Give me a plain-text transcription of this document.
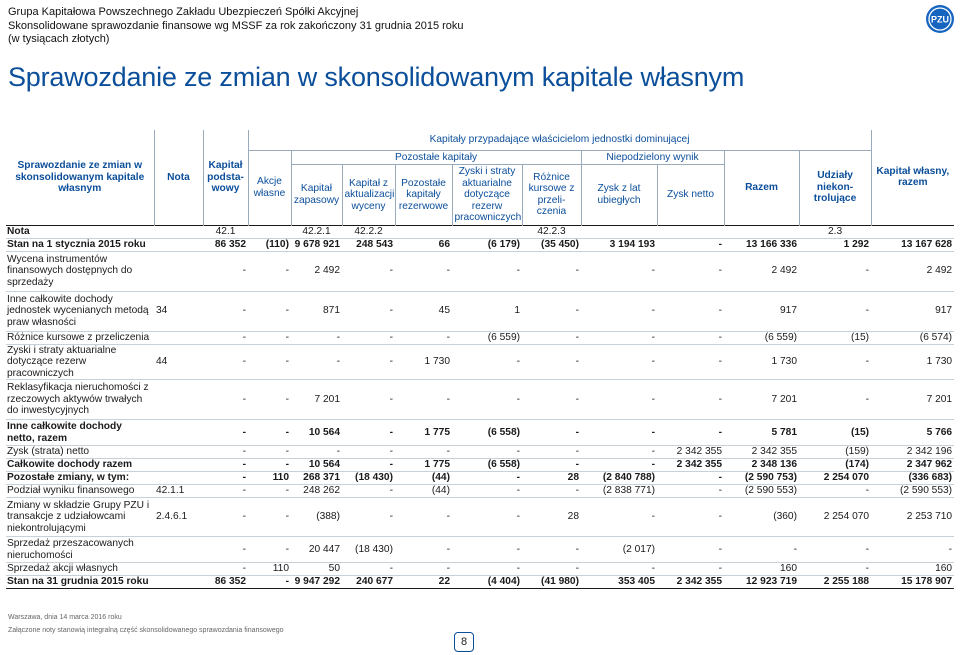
Grupa Kapitałowa Powszechnego Zakładu Ubezpieczeń Spółki Akcyjnej
Skonsolidowane sprawozdanie finansowe wg MSSF za rok zakończony 31 grudnia 2015 roku
(w tysiącach złotych)
PZU
Sprawozdanie ze zmian w skonsolidowanym kapitale własnym
Sprawozdanie ze zmian w skonsolidowanym kapitale własnym	Nota	Kapitał podsta-wowy	Kapitały przypadające właścicielom jednostki dominującej										Kapitał własny, razem
			Akcje własne	Pozostałe kapitały					Niepodzielony wynik		Razem	Udziały niekon-trolujące	
				Kapitał zapasowy	Kapitał z aktualizacji wyceny	Pozostałe kapitały rezerwowe	Zyski i straty aktuarialne dotyczące rezerw pracowniczych	Różnice kursowe z przeli-czenia	Zysk z lat ubiegłych	Zysk netto			
Nota		42.1		42.2.1	42.2.2			42.2.3				2.3	
Stan na 1 stycznia 2015 roku		86 352	(110)	9 678 921	248 543	66	(6 179)	(35 450)	3 194 193	-	13 166 336	1 292	13 167 628
Wycena instrumentów finansowych dostępnych do sprzedaży		-	-	2 492	-	-	-	-	-	-	2 492	-	2 492
Inne całkowite dochody jednostek wycenianych metodą praw własności	34	-	-	871	-	45	1	-	-	-	917	-	917
Różnice kursowe z przeliczenia		-	-	-	-	-	(6 559)	-	-	-	(6 559)	(15)	(6 574)
Zyski i straty aktuarialne dotyczące rezerw pracowniczych	44	-	-	-	-	1 730	-	-	-	-	1 730	-	1 730
Reklasyfikacja nieruchomości z rzeczowych aktywów trwałych do inwestycyjnych		-	-	7 201	-	-	-	-	-	-	7 201	-	7 201
Inne całkowite dochody netto, razem		-	-	10 564	-	1 775	(6 558)	-	-	-	5 781	(15)	5 766
Zysk (strata) netto		-	-	-	-	-	-	-	-	2 342 355	2 342 355	(159)	2 342 196
Całkowite dochody razem		-	-	10 564	-	1 775	(6 558)	-	-	2 342 355	2 348 136	(174)	2 347 962
Pozostałe zmiany, w tym:		-	110	268 371	(18 430)	(44)	-	28	(2 840 788)	-	(2 590 753)	2 254 070	(336 683)
Podział wyniku finansowego	42.1.1	-	-	248 262	-	(44)	-	-	(2 838 771)	-	(2 590 553)	-	(2 590 553)
Zmiany w składzie Grupy PZU i transakcje z udziałowcami niekontrolującymi	2.4.6.1	-	-	(388)	-	-	-	28	-	-	(360)	2 254 070	2 253 710
Sprzedaż przeszacowanych nieruchomości		-	-	20 447	(18 430)	-	-	-	(2 017)	-	-	-	-
Sprzedaż akcji własnych		-	110	50	-	-	-	-	-	-	160	-	160
Stan na 31 grudnia 2015 roku		86 352	-	9 947 292	240 677	22	(4 404)	(41 980)	353 405	2 342 355	12 923 719	2 255 188	15 178 907
Warszawa, dnia 14 marca 2016 roku
Załączone noty stanowią integralną część skonsolidowanego sprawozdania finansowego
8
